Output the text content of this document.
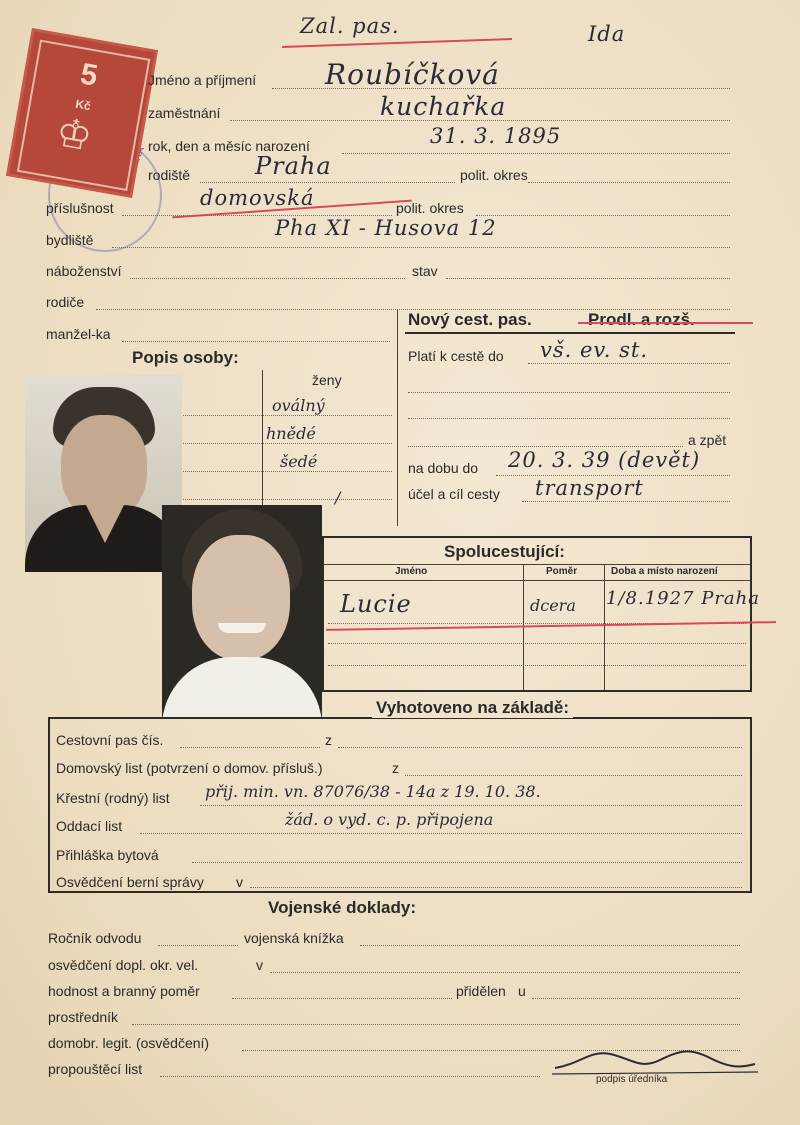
Zal. pas.	Ida
5
Kč
♔
Jméno a příjmení Roubíčková
zaměstnání	kuchařka
rok, den a měsíc narození	31. 3. 1895
rodiště	Praha	polit. okres
příslušnost	domovská	polit. okres
bydliště	Pha XI - Husova 12
náboženství	stav
rodiče
manžel-ka
Popis osoby:
ženy
oválný
hnědé
šedé
/
Nový cest. pas.	Prodl. a rozš.
Platí k cestě do vš. ev. st.
a zpět
na dobu do 20. 3. 39 (devět)
účel a cíl cesty transport
Spolucestující:
Jméno	Poměr	Doba a místo narození
Lucie	dcera 1/8.1927 Praha
Vyhotoveno na základě:
Cestovní pas čís.	z
Domovský list (potvrzení o domov. přísluš.)	z
Křestní (rodný) list přij. min. vn. 87076/38 - 14a z 19. 10. 38.
Oddací list	žád. o vyd. c. p. připojena
Přihláška bytová
Osvědčení berní správy v
Vojenské doklady:
Ročník odvodu	vojenská knížka
osvědčení dopl. okr. vel.	v
hodnost a branný poměr	přidělen u
prostředník
domobr. legit. (osvědčení)
propouštěcí list
podpis úředníka
